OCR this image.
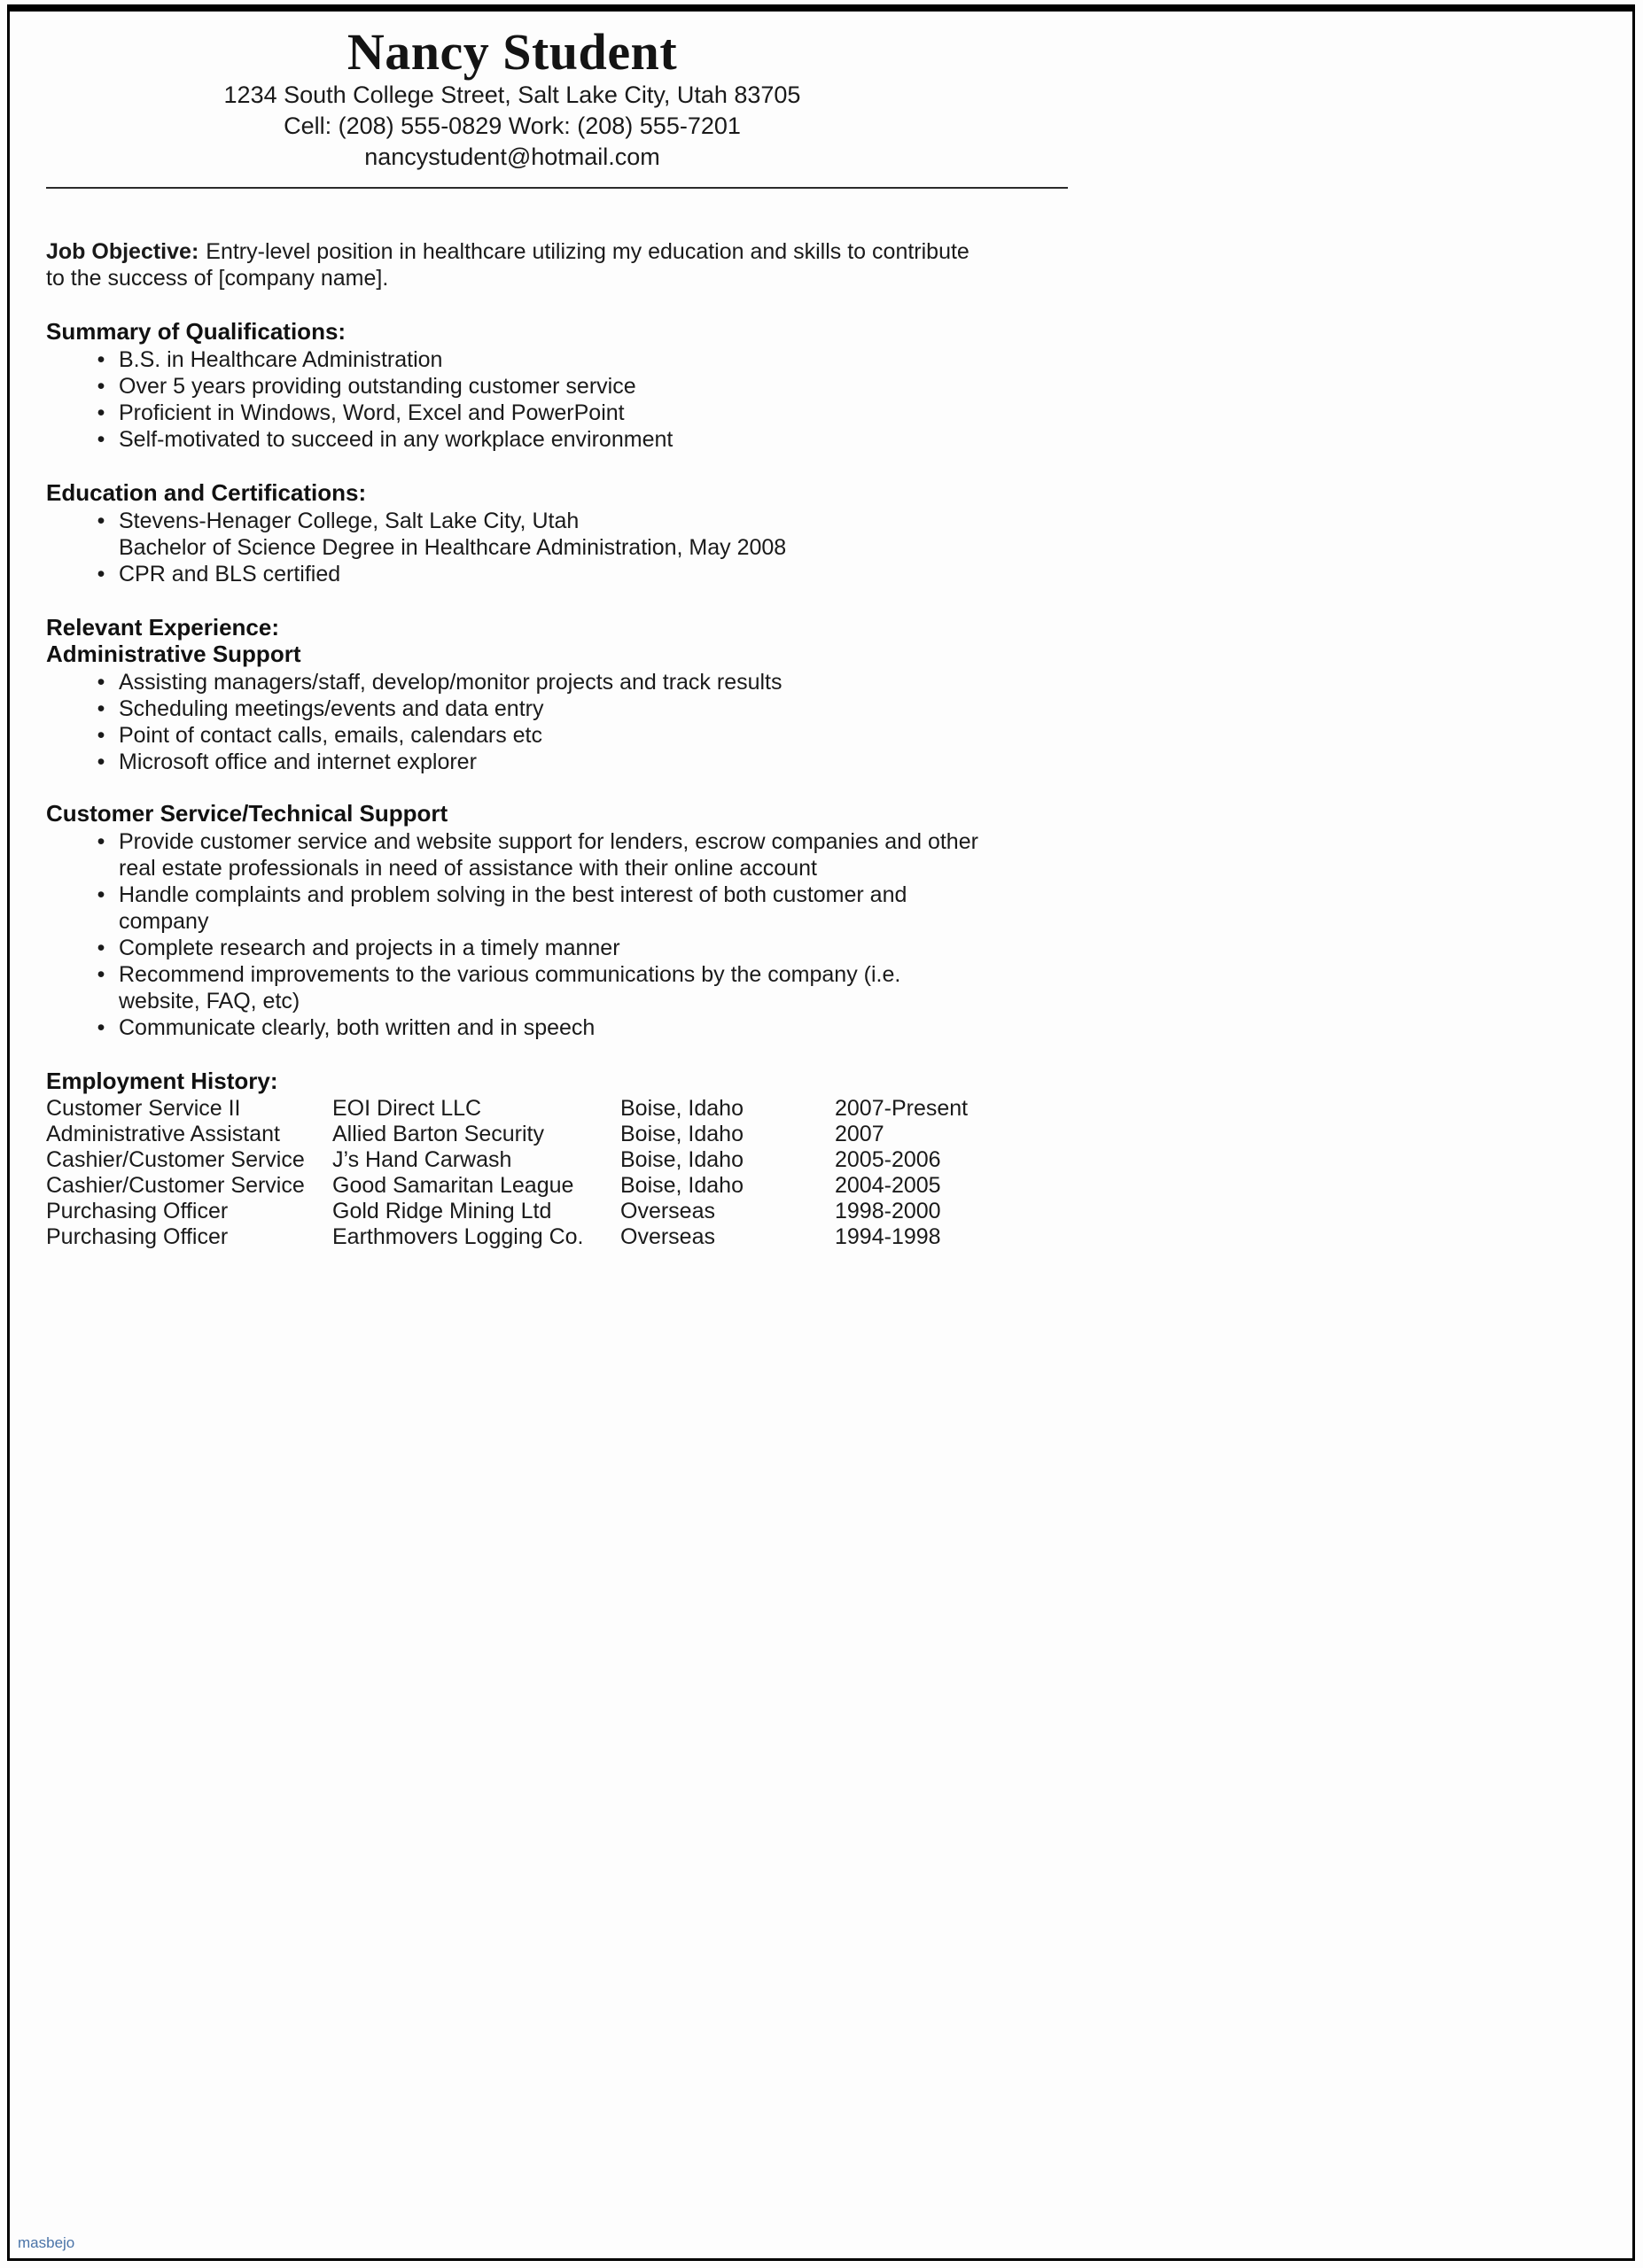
Nancy Student
1234 South College Street, Salt Lake City, Utah 83705
Cell: (208) 555-0829 Work: (208) 555-7201
nancystudent@hotmail.com

Job Objective: Entry-level position in healthcare utilizing my education and skills to contribute to the success of [company name].

Summary of Qualifications:
• B.S. in Healthcare Administration
• Over 5 years providing outstanding customer service
• Proficient in Windows, Word, Excel and PowerPoint
• Self-motivated to succeed in any workplace environment
Education and Certifications:
• Stevens-Henager College, Salt Lake City, Utah
Bachelor of Science Degree in Healthcare Administration, May 2008
• CPR and BLS certified
Relevant Experience:
Administrative Support
• Assisting managers/staff, develop/monitor projects and track results
• Scheduling meetings/events and data entry
• Point of contact calls, emails, calendars etc
• Microsoft office and internet explorer
Customer Service/Technical Support
• Provide customer service and website support for lenders, escrow companies and other real estate professionals in need of assistance with their online account
• Handle complaints and problem solving in the best interest of both customer and company
• Complete research and projects in a timely manner
• Recommend improvements to the various communications by the company (i.e. website, FAQ, etc)
• Communicate clearly, both written and in speech
Employment History:
Customer Service II	EOI Direct LLC	Boise, Idaho	2007-Present
Administrative Assistant	Allied Barton Security	Boise, Idaho	2007
Cashier/Customer Service	J’s Hand Carwash	Boise, Idaho	2005-2006
Cashier/Customer Service	Good Samaritan League	Boise, Idaho	2004-2005
Purchasing Officer	Gold Ridge Mining Ltd	Overseas	1998-2000
Purchasing Officer	Earthmovers Logging Co.	Overseas	1994-1998
masbejo
